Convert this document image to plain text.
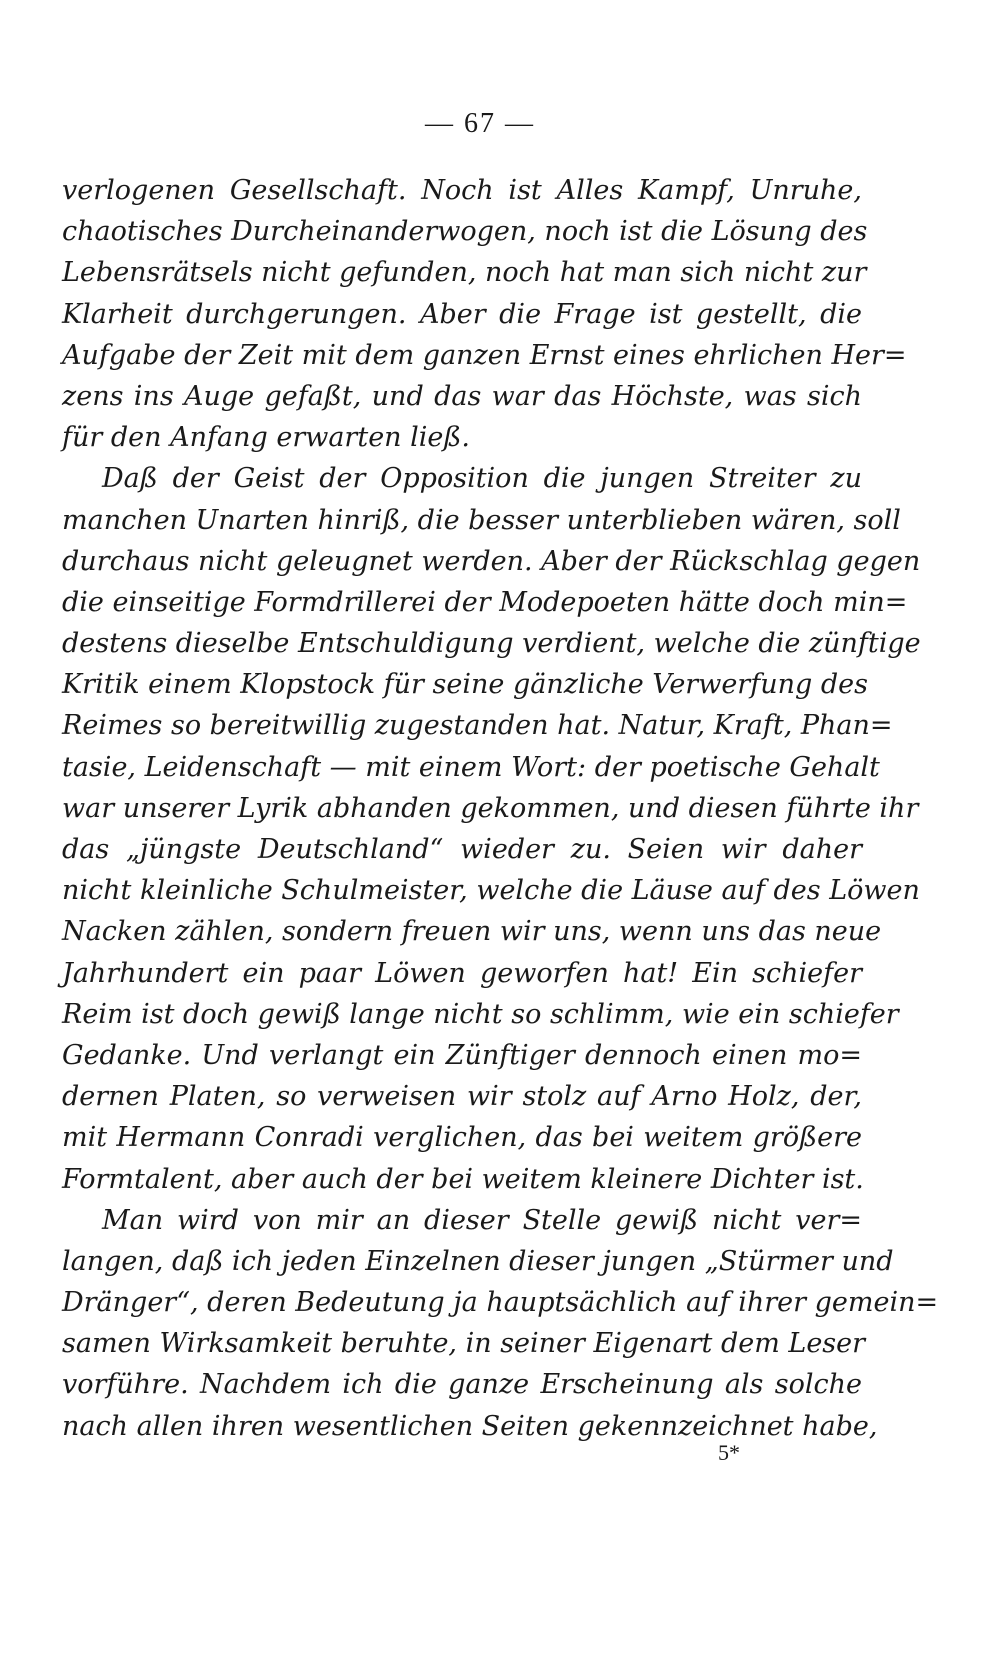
— 67 —
verlogenen Gesellschaft. Noch ist Alles Kampf, Unruhe,
chaotisches Durcheinanderwogen, noch ist die Lösung des
Lebensrätsels nicht gefunden, noch hat man sich nicht zur
Klarheit durchgerungen. Aber die Frage ist gestellt, die
Aufgabe der Zeit mit dem ganzen Ernst eines ehrlichen Her=
zens ins Auge gefaßt, und das war das Höchste, was sich
für den Anfang erwarten ließ.
Daß der Geist der Opposition die jungen Streiter zu
manchen Unarten hinriß, die besser unterblieben wären, soll
durchaus nicht geleugnet werden. Aber der Rückschlag gegen
die einseitige Formdrillerei der Modepoeten hätte doch min=
destens dieselbe Entschuldigung verdient, welche die zünftige
Kritik einem Klopstock für seine gänzliche Verwerfung des
Reimes so bereitwillig zugestanden hat. Natur, Kraft, Phan=
tasie, Leidenschaft — mit einem Wort: der poetische Gehalt
war unserer Lyrik abhanden gekommen, und diesen führte ihr
das „jüngste Deutschland“ wieder zu. Seien wir daher
nicht kleinliche Schulmeister, welche die Läuse auf des Löwen
Nacken zählen, sondern freuen wir uns, wenn uns das neue
Jahrhundert ein paar Löwen geworfen hat! Ein schiefer
Reim ist doch gewiß lange nicht so schlimm, wie ein schiefer
Gedanke. Und verlangt ein Zünftiger dennoch einen mo=
dernen Platen, so verweisen wir stolz auf Arno Holz, der,
mit Hermann Conradi verglichen, das bei weitem größere
Formtalent, aber auch der bei weitem kleinere Dichter ist.
Man wird von mir an dieser Stelle gewiß nicht ver=
langen, daß ich jeden Einzelnen dieser jungen „Stürmer und
Dränger“, deren Bedeutung ja hauptsächlich auf ihrer gemein=
samen Wirksamkeit beruhte, in seiner Eigenart dem Leser
vorführe. Nachdem ich die ganze Erscheinung als solche
nach allen ihren wesentlichen Seiten gekennzeichnet habe,
5*
